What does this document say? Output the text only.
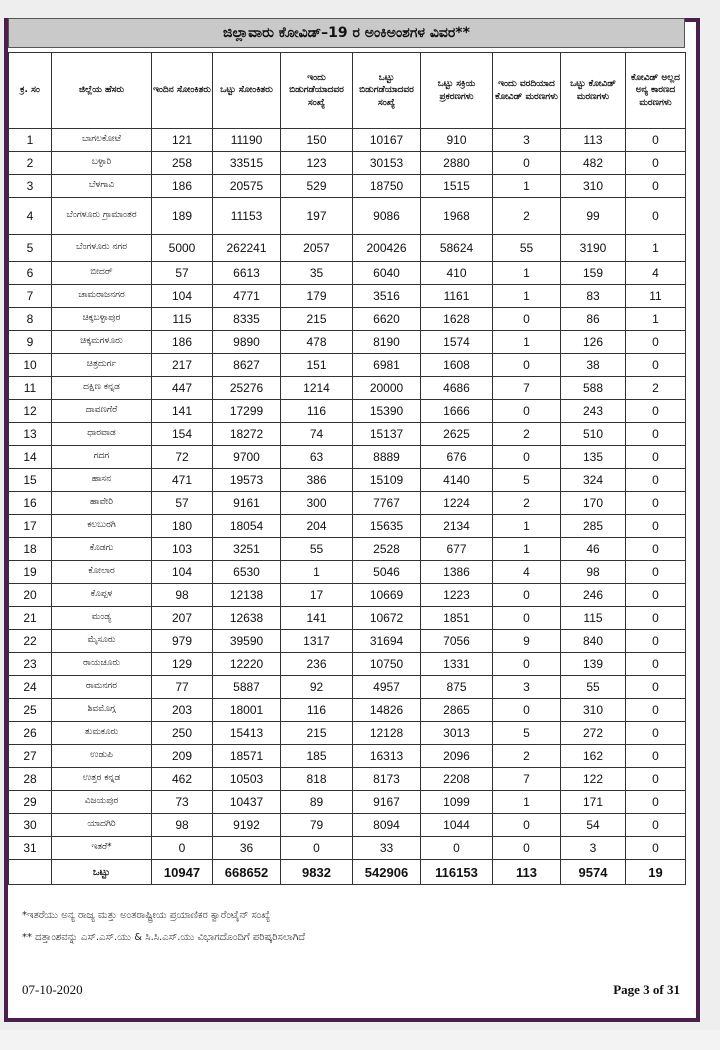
ಜಿಲ್ಲಾವಾರು ಕೋವಿಡ್–19 ರ ಅಂಕಿಅಂಶಗಳ ವಿವರ**
ಕ್ರ. ಸಂ	ಜಿಲ್ಲೆಯ ಹೆಸರು	ಇಂದಿನ ಸೋಂಕಿತರು	ಒಟ್ಟು ಸೋಂಕಿತರು	ಇಂದು ಬಿಡುಗಡೆಯಾದವರ ಸಂಖ್ಯೆ	ಒಟ್ಟು ಬಿಡುಗಡೆಯಾದವರ ಸಂಖ್ಯೆ	ಒಟ್ಟು ಸಕ್ರಿಯ ಪ್ರಕರಣಗಳು	ಇಂದು ವರದಿಯಾದ ಕೋವಿಡ್ ಮರಣಗಳು	ಒಟ್ಟು ಕೋವಿಡ್ ಮರಣಗಳು	ಕೋವಿಡ್ ಅಲ್ಲದ ಅನ್ಯ ಕಾರಣದ ಮರಣಗಳು
1	ಬಾಗಲಕೋಟೆ	121	11190	150	10167	910	3	113	0
2	ಬಳ್ಳಾರಿ	258	33515	123	30153	2880	0	482	0
3	ಬೆಳಗಾವಿ	186	20575	529	18750	1515	1	310	0
4	ಬೆಂಗಳೂರು ಗ್ರಾಮಾಂತರ	189	11153	197	9086	1968	2	99	0
5	ಬೆಂಗಳೂರು ನಗರ	5000	262241	2057	200426	58624	55	3190	1
6	ಬೀದರ್	57	6613	35	6040	410	1	159	4
7	ಚಾಮರಾಜನಗರ	104	4771	179	3516	1161	1	83	11
8	ಚಿಕ್ಕಬಳ್ಳಾಪುರ	115	8335	215	6620	1628	0	86	1
9	ಚಿಕ್ಕಮಗಳೂರು	186	9890	478	8190	1574	1	126	0
10	ಚಿತ್ರದುರ್ಗ	217	8627	151	6981	1608	0	38	0
11	ದಕ್ಷಿಣ ಕನ್ನಡ	447	25276	1214	20000	4686	7	588	2
12	ದಾವಣಗೆರೆ	141	17299	116	15390	1666	0	243	0
13	ಧಾರವಾಡ	154	18272	74	15137	2625	2	510	0
14	ಗದಗ	72	9700	63	8889	676	0	135	0
15	ಹಾಸನ	471	19573	386	15109	4140	5	324	0
16	ಹಾವೇರಿ	57	9161	300	7767	1224	2	170	0
17	ಕಲಬುರಗಿ	180	18054	204	15635	2134	1	285	0
18	ಕೊಡಗು	103	3251	55	2528	677	1	46	0
19	ಕೋಲಾರ	104	6530	1	5046	1386	4	98	0
20	ಕೊಪ್ಪಳ	98	12138	17	10669	1223	0	246	0
21	ಮಂಡ್ಯ	207	12638	141	10672	1851	0	115	0
22	ಮೈಸೂರು	979	39590	1317	31694	7056	9	840	0
23	ರಾಯಚೂರು	129	12220	236	10750	1331	0	139	0
24	ರಾಮನಗರ	77	5887	92	4957	875	3	55	0
25	ಶಿವಮೊಗ್ಗ	203	18001	116	14826	2865	0	310	0
26	ತುಮಕೂರು	250	15413	215	12128	3013	5	272	0
27	ಉಡುಪಿ	209	18571	185	16313	2096	2	162	0
28	ಉತ್ತರ ಕನ್ನಡ	462	10503	818	8173	2208	7	122	0
29	ವಿಜಯಪುರ	73	10437	89	9167	1099	1	171	0
30	ಯಾದಗಿರಿ	98	9192	79	8094	1044	0	54	0
31	ಇತರೆ*	0	36	0	33	0	0	3	0
	ಒಟ್ಟು	10947	668652	9832	542906	116153	113	9574	19
*ಇತರೆಯು ಅನ್ಯ ರಾಜ್ಯ ಮತ್ತು ಅಂತರಾಷ್ಟ್ರೀಯ ಪ್ರಯಾಣಿಕರ ಕ್ವಾರೆಂಟೈನ್ ಸಂಖ್ಯೆ
** ದತ್ತಾಂಶವನ್ನು ಎಸ್.ಎಸ್.ಯು & ಸಿ.ಸಿ.ಎಸ್.ಯು ವಿಭಾಗದೊಂದಿಗೆ ಪರಿಷ್ಕರಿಸಲಾಗಿದೆ
07-10-2020	Page 3 of 31
